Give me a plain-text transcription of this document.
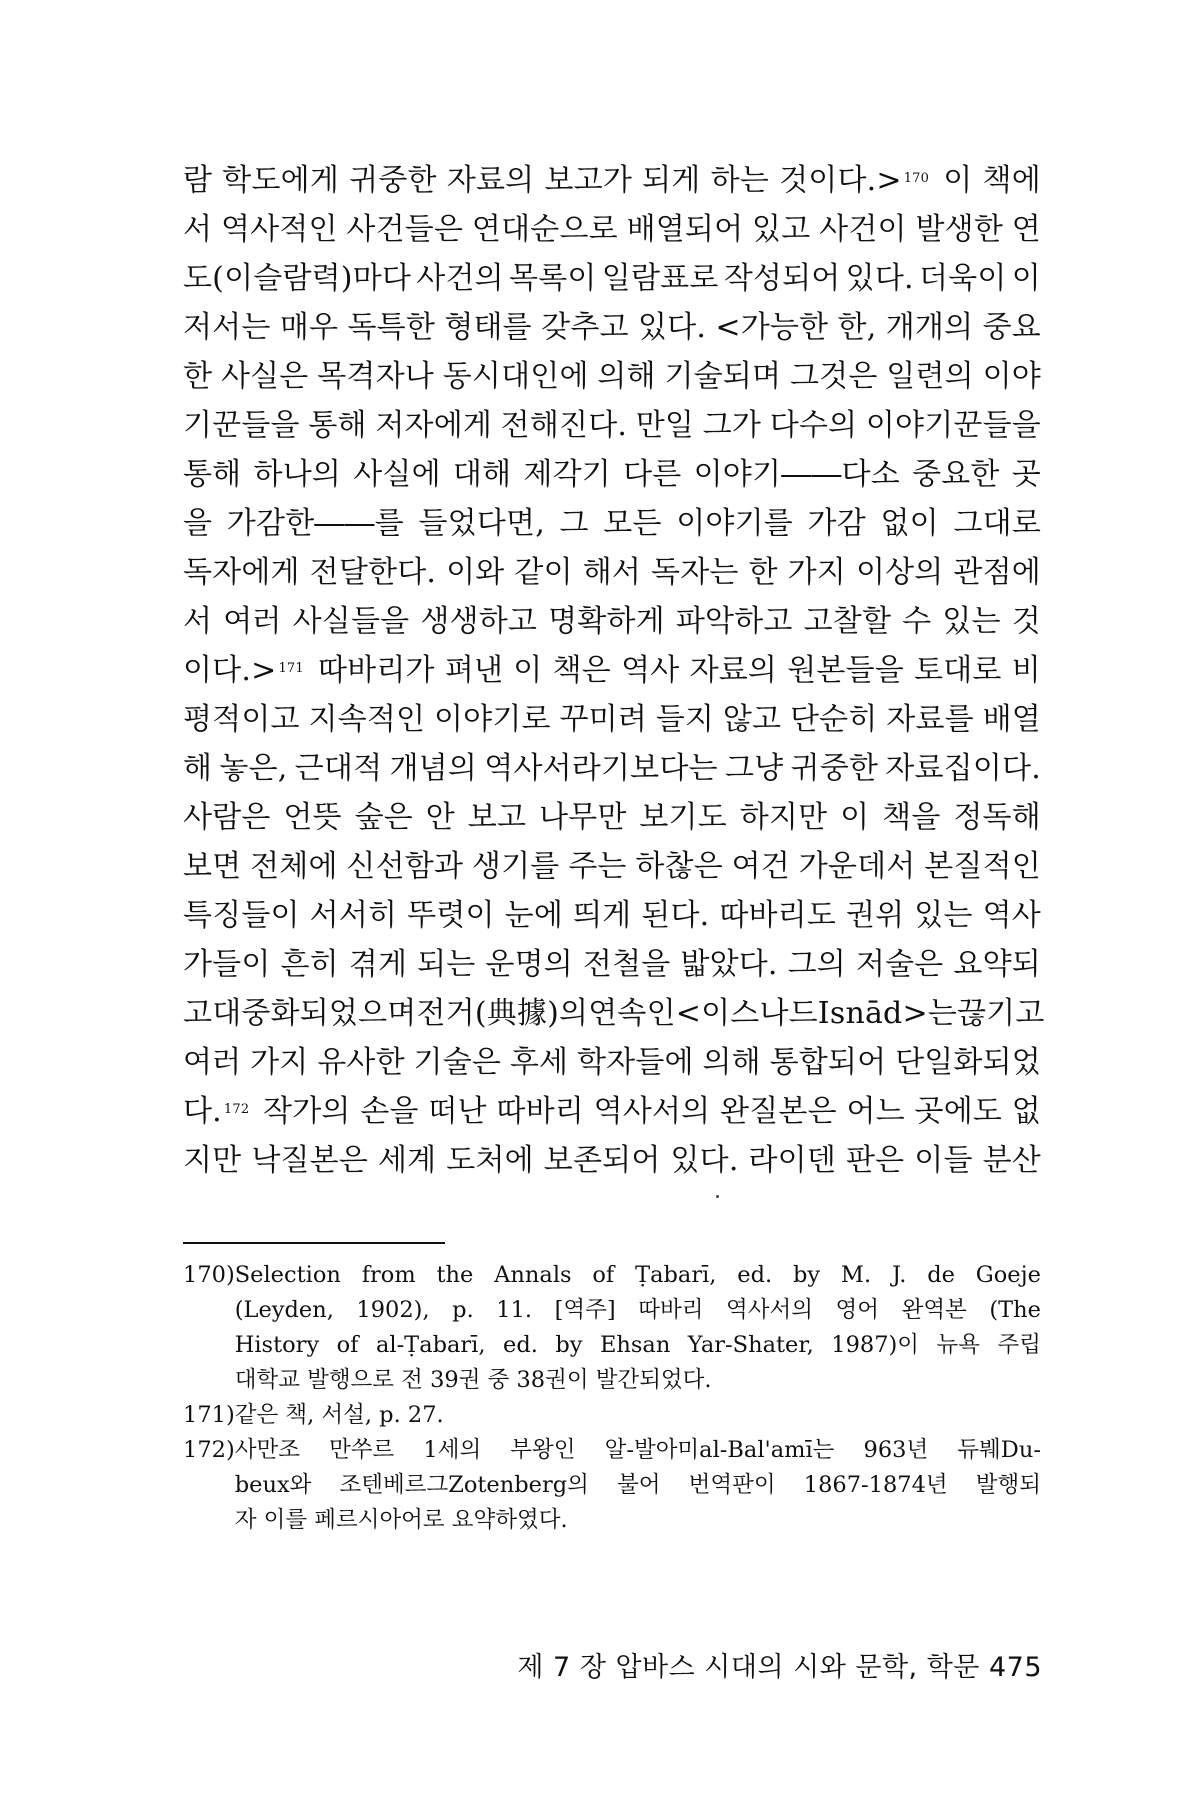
람 학도에게 귀중한 자료의 보고가 되게 하는 것이다.> $^{170}$ 이 책에
서 역사적인 사건들은 연대순으로 배열되어 있고 사건이 발생한 연
도(이슬람력)마다 사건의 목록이 일람표로 작성되어 있다. 더욱이 이
저서는 매우 독특한 형태를 갖추고 있다. <가능한 한, 개개의 중요
한 사실은 목격자나 동시대인에 의해 기술되며 그것은 일련의 이야
기꾼들을 통해 저자에게 전해진다. 만일 그가 다수의 이야기꾼들을
통해 하나의 사실에 대해 제각기 다른 이야기――다소 중요한 곳
을 가감한――를 들었다면, 그 모든 이야기를 가감 없이 그대로
독자에게 전달한다. 이와 같이 해서 독자는 한 가지 이상의 관점에
서 여러 사실들을 생생하고 명확하게 파악하고 고찰할 수 있는 것
이다.> $^{171}$ 따바리가 펴낸 이 책은 역사 자료의 원본들을 토대로 비
평적이고 지속적인 이야기로 꾸미려 들지 않고 단순히 자료를 배열
해 놓은, 근대적 개념의 역사서라기보다는 그냥 귀중한 자료집이다.
사람은 언뜻 숲은 안 보고 나무만 보기도 하지만 이 책을 정독해
보면 전체에 신선함과 생기를 주는 하찮은 여건 가운데서 본질적인
특징들이 서서히 뚜렷이 눈에 띄게 된다. 따바리도 권위 있는 역사
가들이 흔히 겪게 되는 운명의 전철을 밟았다. 그의 저술은 요약되
고 대중화되었으며 전거(典據)의 연속인 <이스나드Isnād>는 끊기고
여러 가지 유사한 기술은 후세 학자들에 의해 통합되어 단일화되었
다. $^{172}$ 작가의 손을 떠난 따바리 역사서의 완질본은 어느 곳에도 없
지만 낙질본은 세계 도처에 보존되어 있다. 라이덴 판은 이들 분산
170) Selection from the Annals of Ṭabarī, ed. by M. J. de Goeje
(Leyden, 1902), p. 11. [역주] 따바리 역사서의 영어 완역본 (The
History of al-Ṭabarī, ed. by Ehsan Yar-Shater, 1987)이 뉴욕 주립
대학교 발행으로 전 39권 중 38권이 발간되었다.
171) 같은 책, 서설, p. 27.
172) 사만조 만쑤르 1세의 부왕인 알-발아미al-Bal'amī는 963년 듀붸Du-
beux와 조텐베르그Zotenberg의 불어 번역판이 1867-1874년 발행되
자 이를 페르시아어로 요약하였다.
제 7 장 압바스 시대의 시와 문학, 학문 475
